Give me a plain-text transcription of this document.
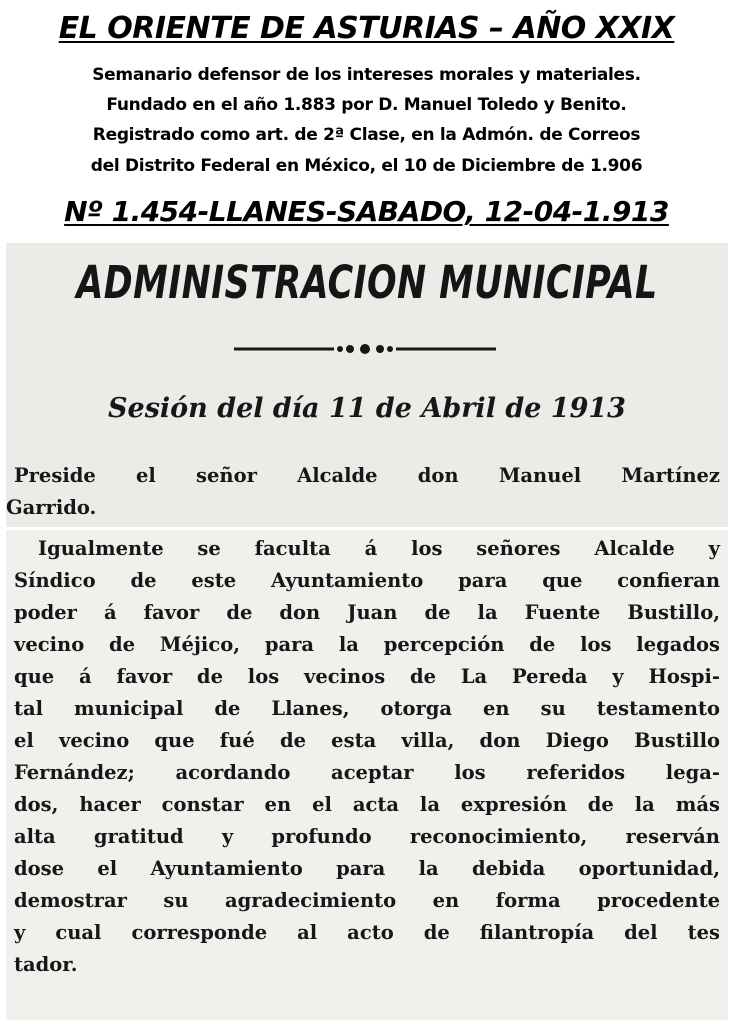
EL ORIENTE DE ASTURIAS – AÑO XXIX
Semanario defensor de los intereses morales y materiales.
Fundado en el año 1.883 por D. Manuel Toledo y Benito.
Registrado como art. de 2ª Clase, en la Admón. de Correos
del Distrito Federal en México, el 10 de Diciembre de 1.906
Nº 1.454-LLANES-SABADO, 12-04-1.913
ADMINISTRACION MUNICIPAL
Sesión del día 11 de Abril de 1913
Preside el señor Alcalde don Manuel Martínez
Garrido.
Igualmente se faculta á los señores Alcalde y
Síndico de este Ayuntamiento para que confieran
poder á favor de don Juan de la Fuente Bustillo,
vecino de Méjico, para la percepción de los legados
que á favor de los vecinos de La Pereda y Hospi-
tal municipal de Llanes, otorga en su testamento
el vecino que fué de esta villa, don Diego Bustillo
Fernández; acordando aceptar los referidos lega-
dos, hacer constar en el acta la expresión de la más
alta gratitud y profundo reconocimiento, reserván
dose el Ayuntamiento para la debida oportunidad,
demostrar su agradecimiento en forma procedente
y cual corresponde al acto de filantropía del tes
tador.
